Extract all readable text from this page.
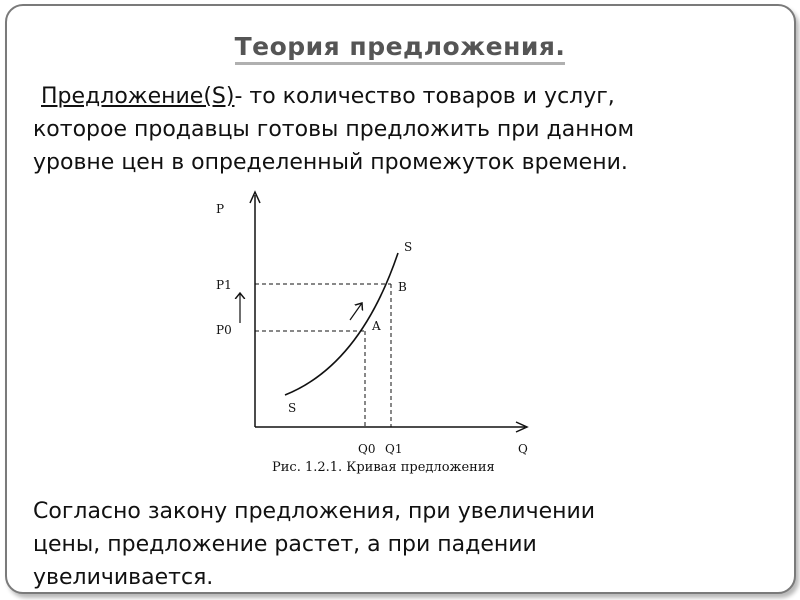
Теория предложения.
Предложение(S)- то количество товаров и услуг,
которое продавцы готовы предложить при данном
уровне цен в определенный промежуток времени.
P
Q
P1
P0
Q0 Q1
A
B
S
S
Рис. 1.2.1. Кривая предложения
Согласно закону предложения, при увеличении
цены, предложение растет, а при падении
увеличивается.
